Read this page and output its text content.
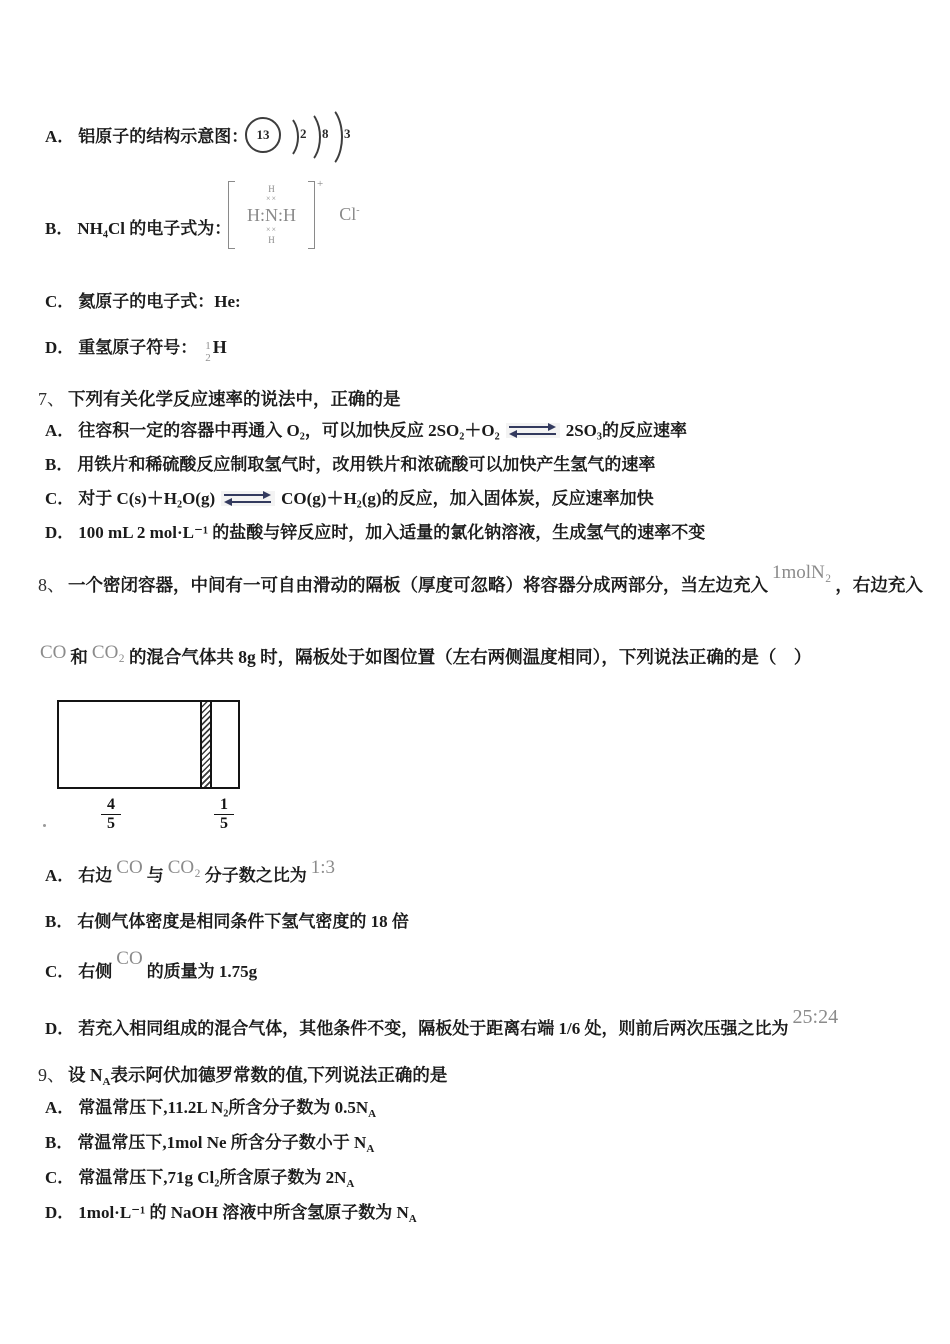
A． 铝原子的结构示意图： 13	2 8 3
B． NH₄Cl 的电子式为：
H
××
H:N:H
××
H
+
Cl-
C． 氦原子的电子式：He:
D． 重氢原子符号： 1
2
H
7、 下列有关化学反应速率的说法中，正确的是
A． 往容积一定的容器中再通入 O₂，可以加快反应 2SO₂＋O₂	2SO₃的反应速率
B． 用铁片和稀硫酸反应制取氢气时，改用铁片和浓硫酸可以加快产生氢气的速率
C． 对于 C(s)＋H₂O(g)	CO(g)＋H₂(g)的反应，加入固体炭，反应速率加快
D． 100 mL 2 mol·L⁻¹ 的盐酸与锌反应时，加入适量的氯化钠溶液，生成氢气的速率不变
8、 一个密闭容器，中间有一可自由滑动的隔板（厚度可忽略）将容器分成两部分，当左边充入1molN₂，右边充入
CO 和 CO₂ 的混合气体共 8g 时，隔板处于如图位置（左右两侧温度相同），下列说法正确的是（　）
$\frac{4}{5}$	$\frac{1}{5}$
A． 右边 CO 与 CO₂ 分子数之比为 1:3
B． 右侧气体密度是相同条件下氢气密度的 18 倍
C． 右侧CO的质量为 1.75g
D． 若充入相同组成的混合气体，其他条件不变，隔板处于距离右端 1/6 处，则前后两次压强之比为25:24
9、 设 $N_A$表示阿伏加德罗常数的值,下列说法正确的是
A． 常温常压下,11.2L N₂所含分子数为 $0.5N_A$
B． 常温常压下,1mol Ne 所含分子数小于 $N_A$
C． 常温常压下,71g Cl₂所含原子数为 $2N_A$
D． 1mol·L⁻¹ 的 NaOH 溶液中所含氢原子数为 $N_A$
